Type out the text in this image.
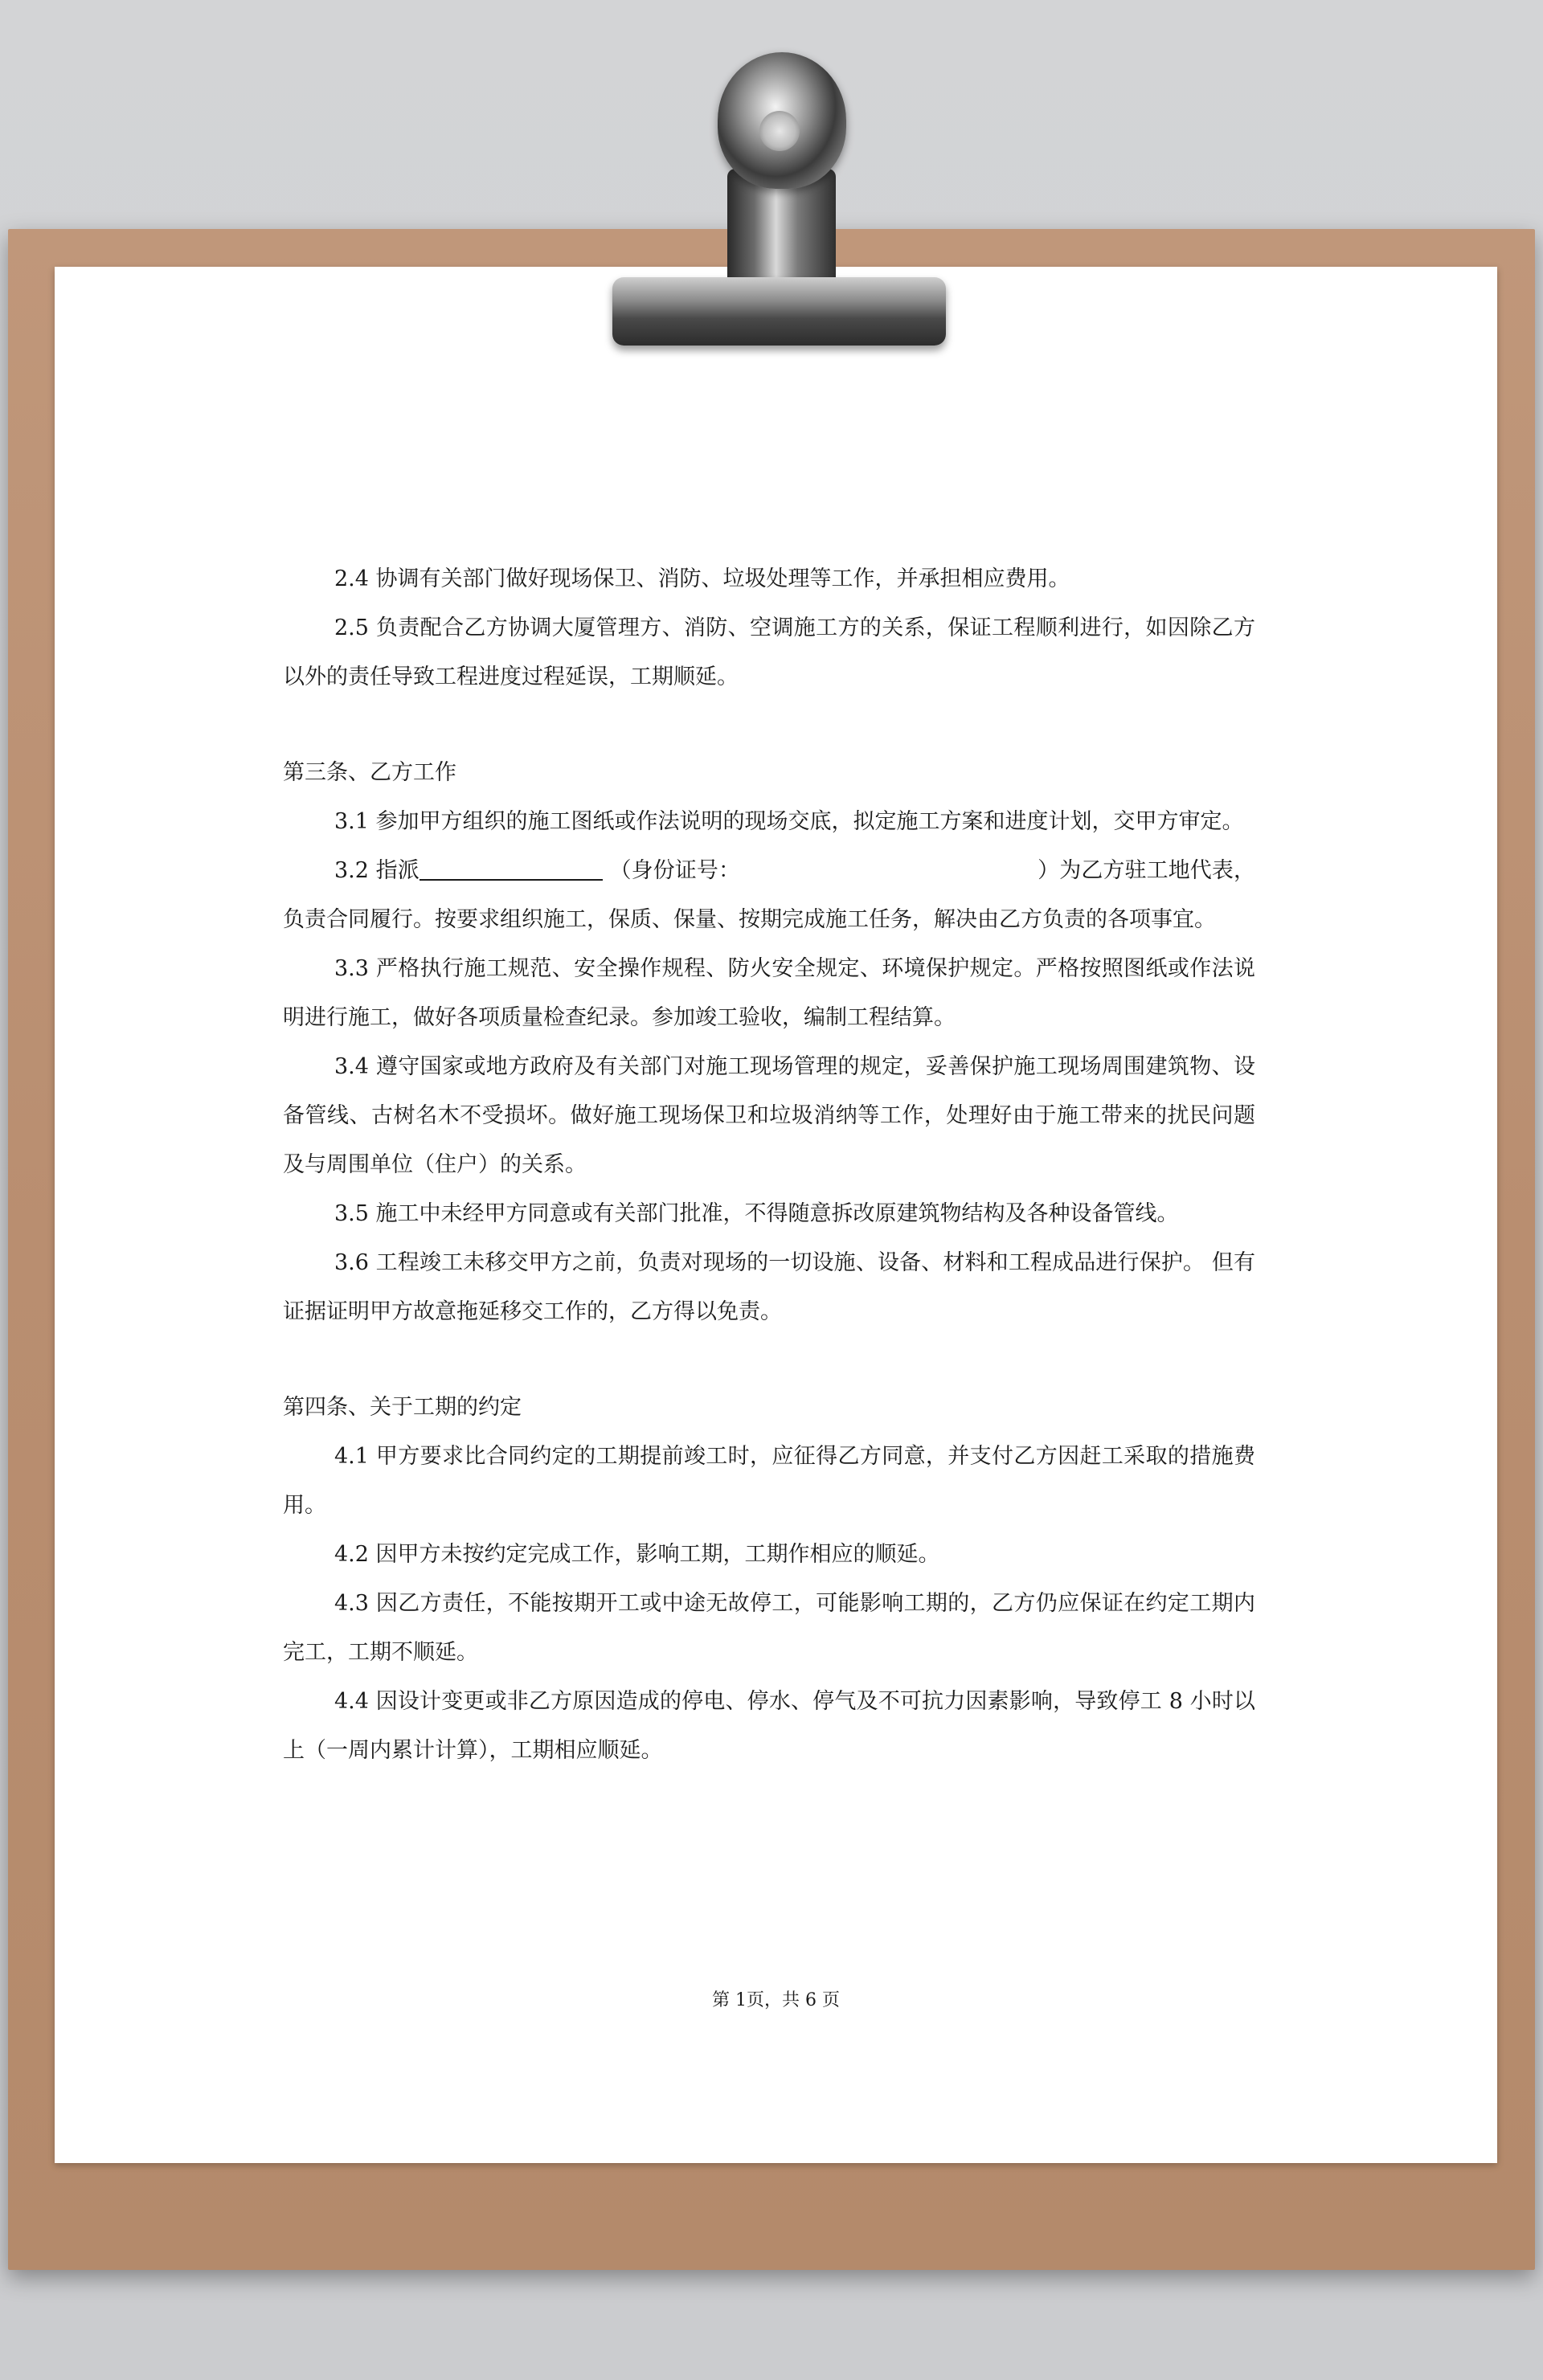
2.4 协调有关部门做好现场保卫、消防、垃圾处理等工作，并承担相应费用。

2.5 负责配合乙方协调大厦管理方、消防、空调施工方的关系，保证工程顺利进行，如因除乙方以外的责任导致工程进度过程延误，工期顺延。

第三条、乙方工作

3.1 参加甲方组织的施工图纸或作法说明的现场交底，拟定施工方案和进度计划，交甲方审定。

3.2 指派	（身份证号：	）为乙方驻工地代表，负责合同履行。按要求组织施工，保质、保量、按期完成施工任务，解决由乙方负责的各项事宜。

3.3 严格执行施工规范、安全操作规程、防火安全规定、环境保护规定。严格按照图纸或作法说明进行施工，做好各项质量检查纪录。参加竣工验收，编制工程结算。

3.4 遵守国家或地方政府及有关部门对施工现场管理的规定，妥善保护施工现场周围建筑物、设备管线、古树名木不受损坏。做好施工现场保卫和垃圾消纳等工作，处理好由于施工带来的扰民问题及与周围单位（住户）的关系。

3.5 施工中未经甲方同意或有关部门批准，不得随意拆改原建筑物结构及各种设备管线。

3.6 工程竣工未移交甲方之前，负责对现场的一切设施、设备、材料和工程成品进行保护。 但有证据证明甲方故意拖延移交工作的，乙方得以免责。

第四条、关于工期的约定

4.1 甲方要求比合同约定的工期提前竣工时，应征得乙方同意，并支付乙方因赶工采取的措施费用。

4.2 因甲方未按约定完成工作，影响工期，工期作相应的顺延。

4.3 因乙方责任，不能按期开工或中途无故停工，可能影响工期的，乙方仍应保证在约定工期内完工，工期不顺延。

4.4 因设计变更或非乙方原因造成的停电、停水、停气及不可抗力因素影响，导致停工 8 小时以上（一周内累计计算），工期相应顺延。

第 1页，共 6 页
